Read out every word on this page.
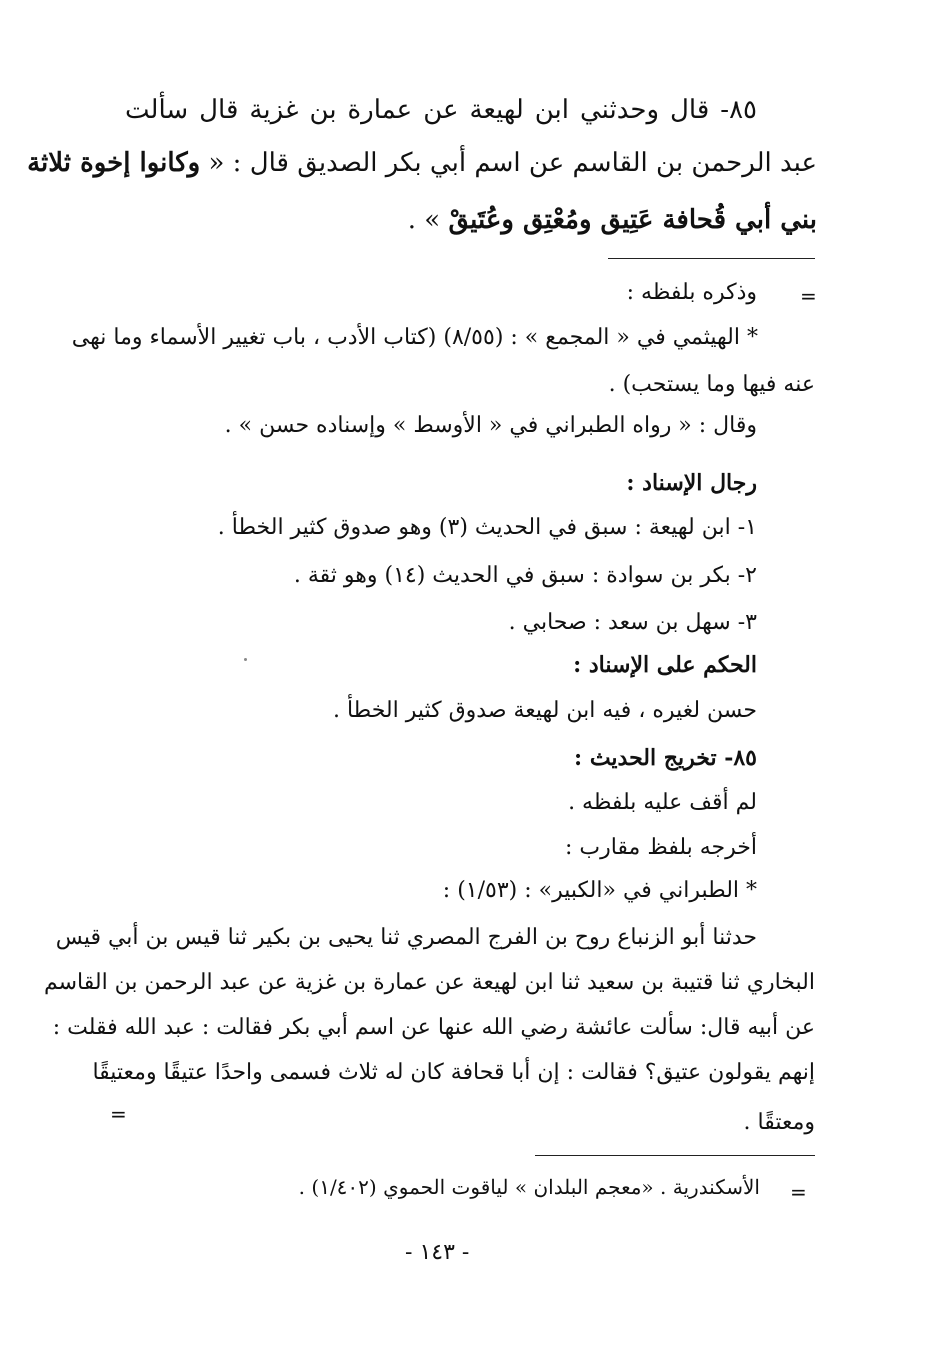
٨٥- قال وحدثني ابن لهيعة عن عمارة بن غزية قال سألت
عبد الرحمن بن القاسم عن اسم أبي بكر الصديق قال : « وكانوا إخوة ثلاثة
بني أبي قُحافة عَتِيق ومُعْتِق وعُتَيقْ » .
=
وذكره بلفظه :
* الهيثمي في « المجمع » : (٨/٥٥) (كتاب الأدب ، باب تغيير الأسماء وما نهى
عنه فيها وما يستحب) .
وقال : « رواه الطبراني في « الأوسط » وإسناده حسن » .
رجال الإسناد :
١- ابن لهيعة : سبق في الحديث (٣) وهو صدوق كثير الخطأ .
٢- بكر بن سوادة : سبق في الحديث (١٤) وهو ثقة .
٣- سهل بن سعد : صحابي .
الحكم على الإسناد :
حسن لغيره ، فيه ابن لهيعة صدوق كثير الخطأ .
٨٥- تخريج الحديث :
لم أقف عليه بلفظه .
أخرجه بلفظ مقارب :
* الطبراني في «الكبير» : (١/٥٣) :
حدثنا أبو الزنباع روح بن الفرج المصري ثنا يحيى بن بكير ثنا قيس بن أبي قيس
البخاري ثنا قتيبة بن سعيد ثنا ابن لهيعة عن عمارة بن غزية عن عبد الرحمن بن القاسم
عن أبيه قال: سألت عائشة رضي الله عنها عن اسم أبي بكر فقالت : عبد الله فقلت :
إنهم يقولون عتيق؟ فقالت : إن أبا قحافة كان له ثلاث فسمى واحدًا عتيقًا ومعتيقًا
ومعتقًا .
=
=
الأسكندرية . «معجم البلدان » لياقوت الحموي (١/٤٠٢) .
- ١٤٣ -
